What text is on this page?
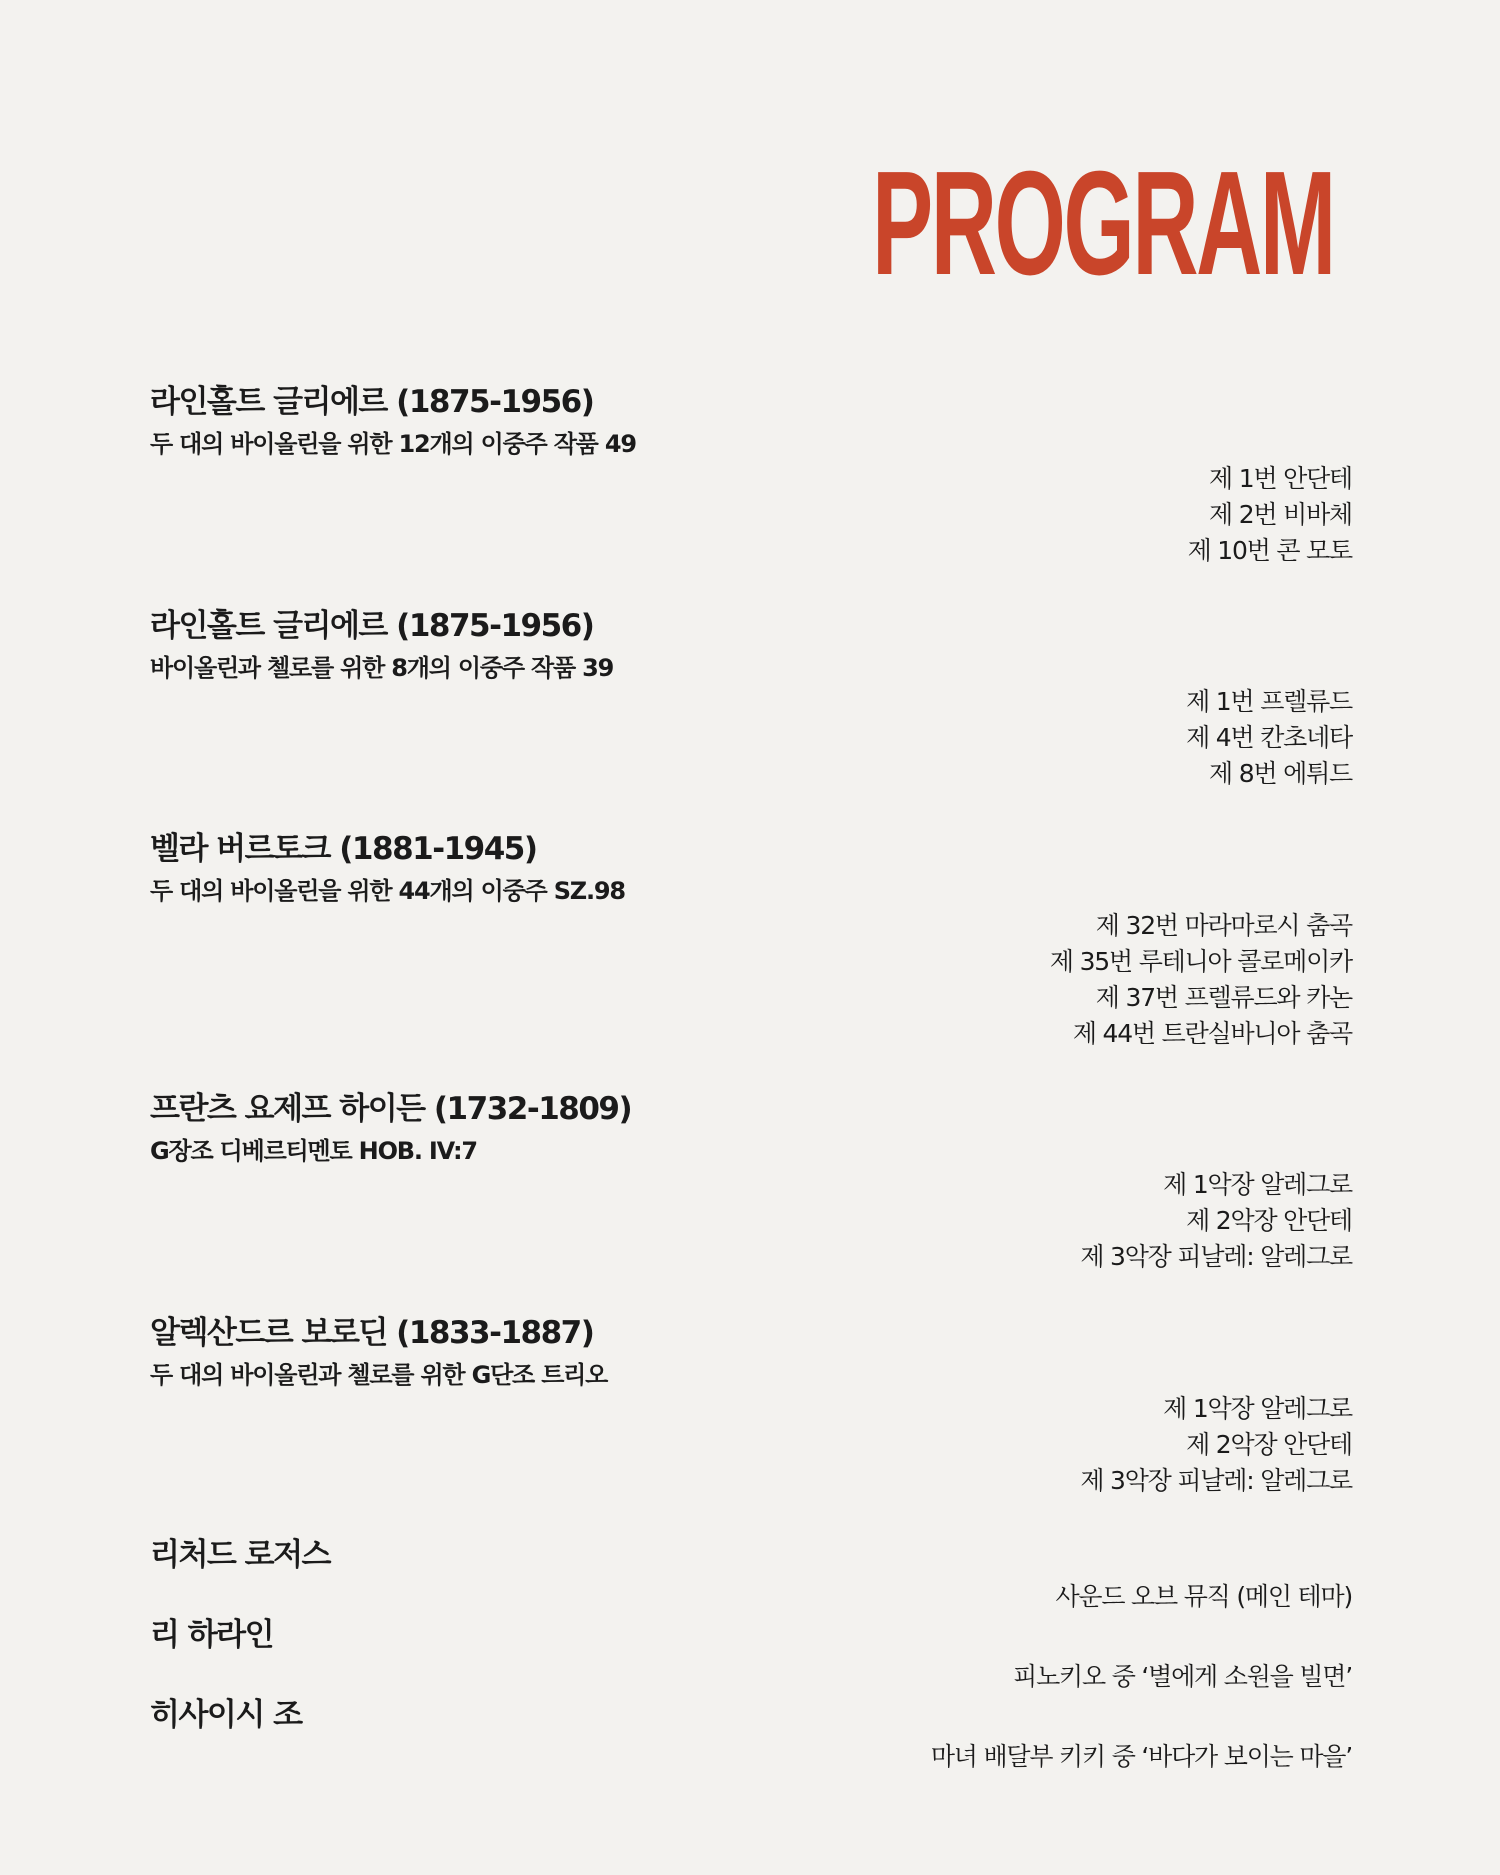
PROGRAM
라인홀트 글리에르 (1875-1956)
두 대의 바이올린을 위한 12개의 이중주 작품 49
제 1번 안단테
제 2번 비바체
제 10번 콘 모토
라인홀트 글리에르 (1875-1956)
바이올린과 첼로를 위한 8개의 이중주 작품 39
제 1번 프렐류드
제 4번 칸초네타
제 8번 에튀드
벨라 버르토크 (1881-1945)
두 대의 바이올린을 위한 44개의 이중주 SZ.98
제 32번 마라마로시 춤곡
제 35번 루테니아 콜로메이카
제 37번 프렐류드와 카논
제 44번 트란실바니아 춤곡
프란츠 요제프 하이든 (1732-1809)
G장조 디베르티멘토 HOB. IV:7
제 1악장 알레그로
제 2악장 안단테
제 3악장 피날레: 알레그로
알렉산드르 보로딘 (1833-1887)
두 대의 바이올린과 첼로를 위한 G단조 트리오
제 1악장 알레그로
제 2악장 안단테
제 3악장 피날레: 알레그로
리처드 로저스
사운드 오브 뮤직 (메인 테마)
리 하라인
피노키오 중 ‘별에게 소원을 빌면’
히사이시 조
마녀 배달부 키키 중 ‘바다가 보이는 마을’
